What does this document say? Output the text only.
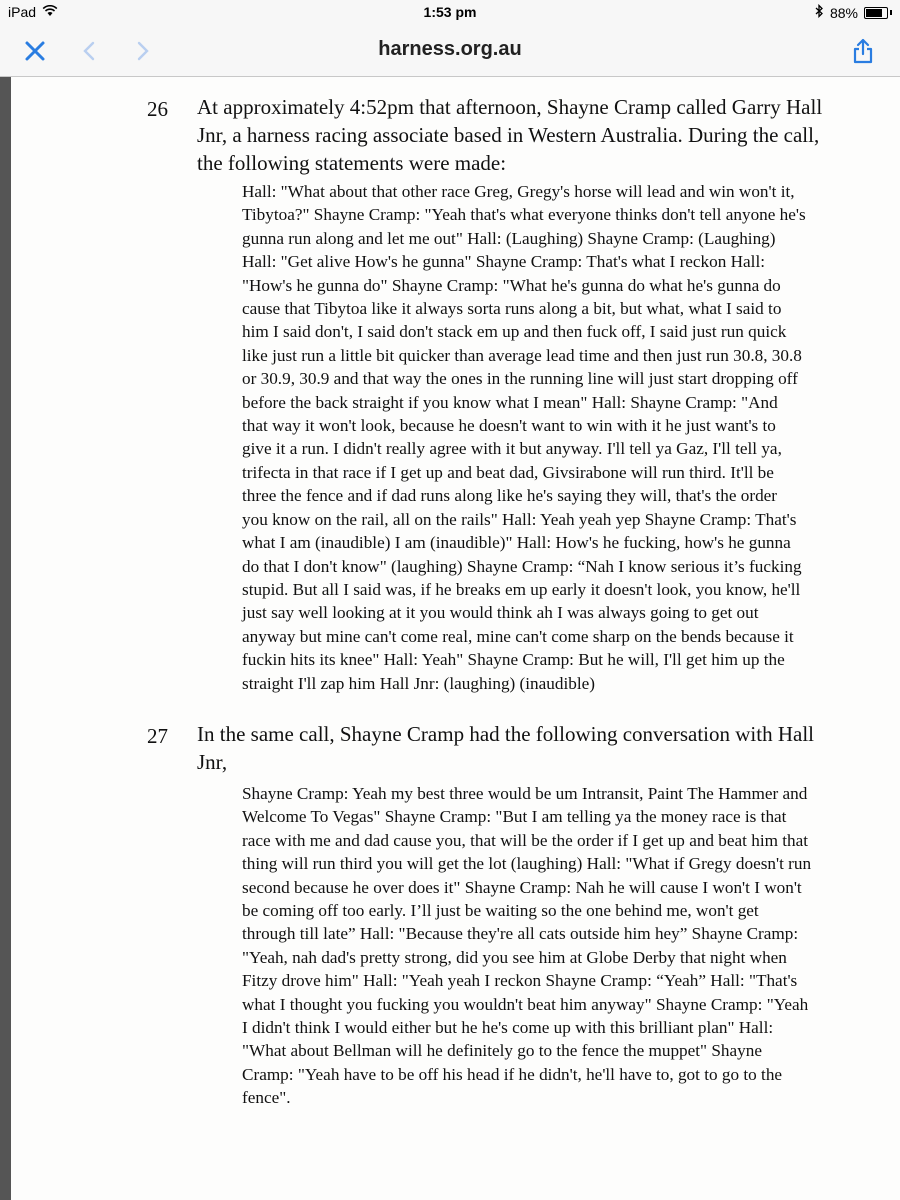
iPad	1:53 pm	88%
harness.org.au
26 At approximately 4:52pm that afternoon, Shayne Cramp called Garry Hall Jnr, a harness racing associate based in Western Australia. During the call, the following statements were made:

Hall: "What about that other race Greg, Gregy's horse will lead and win won't it, Tibytoa?" Shayne Cramp: "Yeah that's what everyone thinks don't tell anyone he's gunna run along and let me out" Hall: (Laughing) Shayne Cramp: (Laughing) Hall: "Get alive How's he gunna" Shayne Cramp: That's what I reckon Hall: "How's he gunna do" Shayne Cramp: "What he's gunna do what he's gunna do cause that Tibytoa like it always sorta runs along a bit, but what, what I said to him I said don't, I said don't stack em up and then fuck off, I said just run quick like just run a little bit quicker than average lead time and then just run 30.8, 30.8 or 30.9, 30.9 and that way the ones in the running line will just start dropping off before the back straight if you know what I mean" Hall: Shayne Cramp: "And that way it won't look, because he doesn't want to win with it he just want's to give it a run. I didn't really agree with it but anyway. I'll tell ya Gaz, I'll tell ya, trifecta in that race if I get up and beat dad, Givsirabone will run third. It'll be three the fence and if dad runs along like he's saying they will, that's the order you know on the rail, all on the rails" Hall: Yeah yeah yep Shayne Cramp: That's what I am (inaudible) I am (inaudible)" Hall: How's he fucking, how's he gunna do that I don't know" (laughing) Shayne Cramp: “Nah I know serious it’s fucking stupid. But all I said was, if he breaks em up early it doesn't look, you know, he'll just say well looking at it you would think ah I was always going to get out anyway but mine can't come real, mine can't come sharp on the bends because it fuckin hits its knee" Hall: Yeah" Shayne Cramp: But he will, I'll get him up the straight I'll zap him Hall Jnr: (laughing) (inaudible)

27 In the same call, Shayne Cramp had the following conversation with Hall Jnr,

Shayne Cramp: Yeah my best three would be um Intransit, Paint The Hammer and Welcome To Vegas" Shayne Cramp: "But I am telling ya the money race is that race with me and dad cause you, that will be the order if I get up and beat him that thing will run third you will get the lot (laughing) Hall: "What if Gregy doesn't run second because he over does it" Shayne Cramp: Nah he will cause I won't I won't be coming off too early. I’ll just be waiting so the one behind me, won't get through till late” Hall: "Because they're all cats outside him hey” Shayne Cramp: "Yeah, nah dad's pretty strong, did you see him at Globe Derby that night when Fitzy drove him" Hall: "Yeah yeah I reckon Shayne Cramp: “Yeah” Hall: "That's what I thought you fucking you wouldn't beat him anyway" Shayne Cramp: "Yeah I didn't think I would either but he he's come up with this brilliant plan" Hall: "What about Bellman will he definitely go to the fence the muppet" Shayne Cramp: "Yeah have to be off his head if he didn't, he'll have to, got to go to the fence".
